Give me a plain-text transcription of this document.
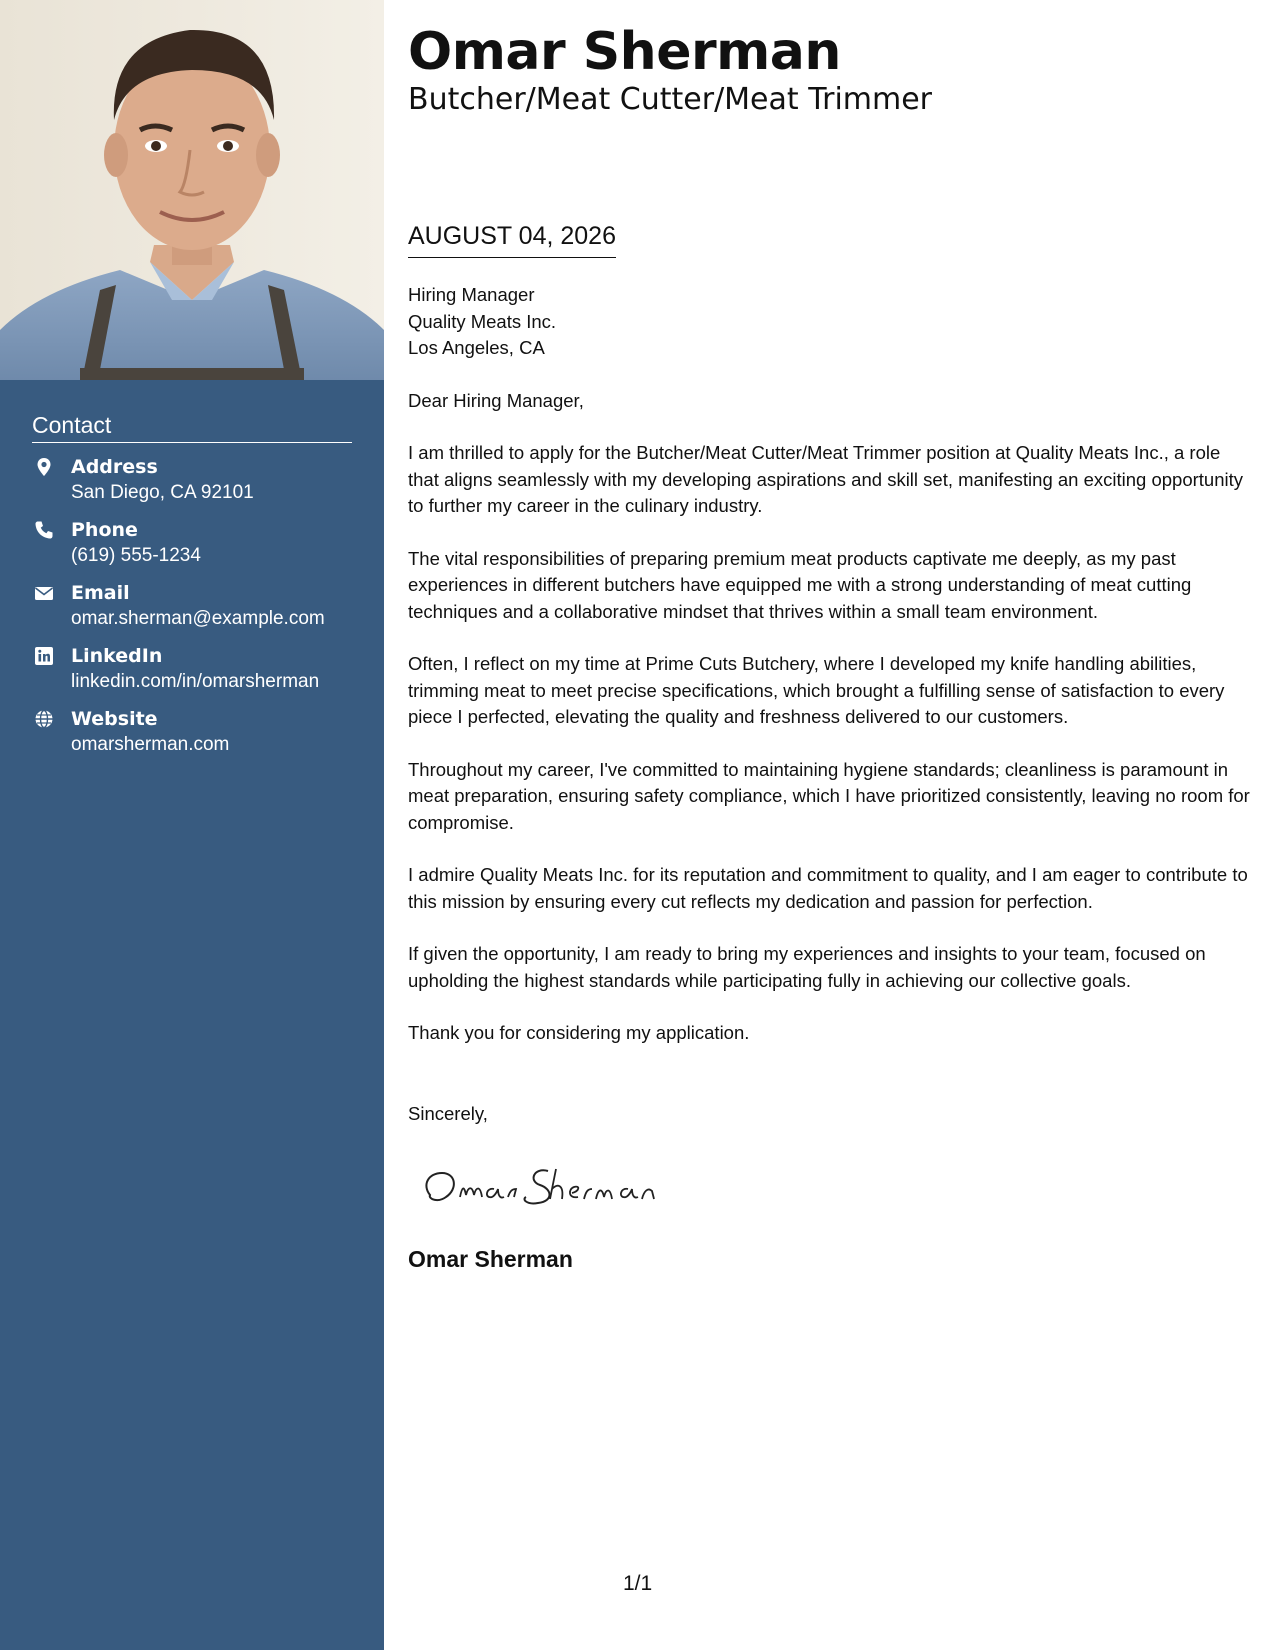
Contact
Address
San Diego, CA 92101
Phone
(619) 555-1234
Email
omar.sherman@example.com
LinkedIn
linkedin.com/in/omarsherman
Website
omarsherman.com
Omar Sherman
Butcher/Meat Cutter/Meat Trimmer
AUGUST 04, 2026

Hiring Manager
Quality Meats Inc.
Los Angeles, CA

Dear Hiring Manager,

I am thrilled to apply for the Butcher/Meat Cutter/Meat Trimmer position at Quality Meats Inc., a role that aligns seamlessly with my developing aspirations and skill set, manifesting an exciting opportunity to further my career in the culinary industry.

The vital responsibilities of preparing premium meat products captivate me deeply, as my past experiences in different butchers have equipped me with a strong understanding of meat cutting techniques and a collaborative mindset that thrives within a small team environment.

Often, I reflect on my time at Prime Cuts Butchery, where I developed my knife handling abilities, trimming meat to meet precise specifications, which brought a fulfilling sense of satisfaction to every piece I perfected, elevating the quality and freshness delivered to our customers.

Throughout my career, I've committed to maintaining hygiene standards; cleanliness is paramount in meat preparation, ensuring safety compliance, which I have prioritized consistently, leaving no room for compromise.

I admire Quality Meats Inc. for its reputation and commitment to quality, and I am eager to contribute to this mission by ensuring every cut reflects my dedication and passion for perfection.

If given the opportunity, I am ready to bring my experiences and insights to your team, focused on upholding the highest standards while participating fully in achieving our collective goals.

Thank you for considering my application.

Sincerely,
Omar Sherman
1/1
